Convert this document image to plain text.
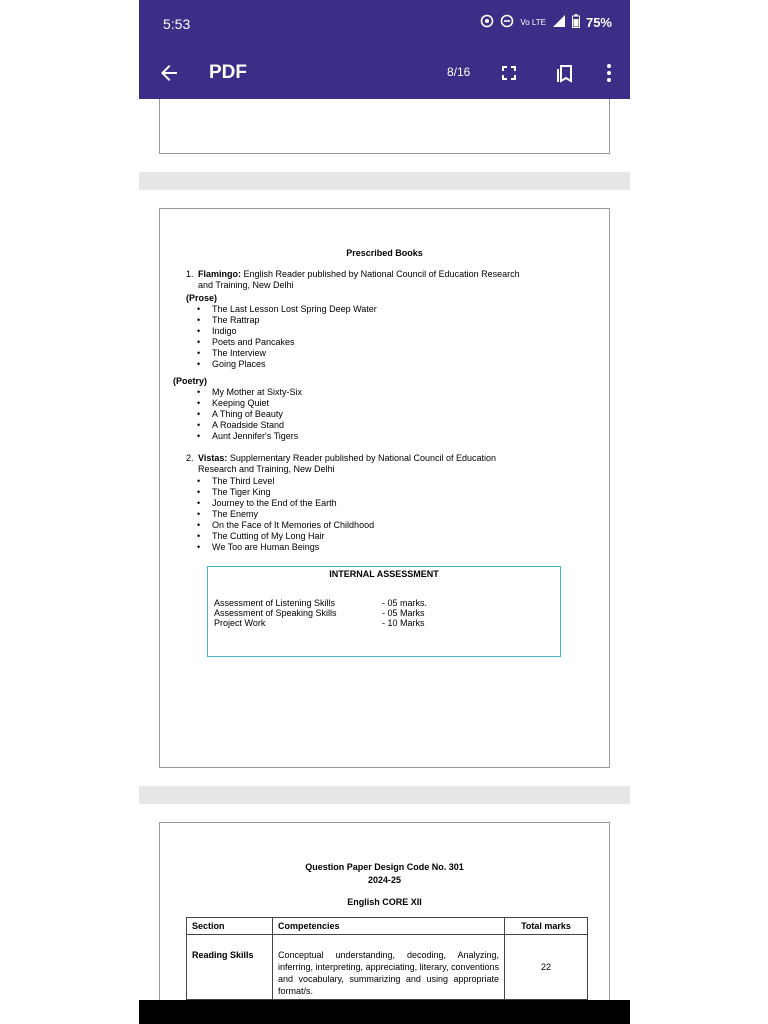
5:53	Vo LTE	75%
PDF	8/16
Prescribed Books
1. Flamingo: English Reader published by National Council of Education Research
and Training, New Delhi
(Prose)
• The Last Lesson Lost Spring Deep Water
• The Rattrap
• Indigo
• Poets and Pancakes
• The Interview
• Going Places
(Poetry)
• My Mother at Sixty-Six
• Keeping Quiet
• A Thing of Beauty
• A Roadside Stand
• Aunt Jennifer's Tigers
2. Vistas: Supplementary Reader published by National Council of Education
Research and Training, New Delhi
• The Third Level
• The Tiger King
• Journey to the End of the Earth
• The Enemy
• On the Face of It Memories of Childhood
• The Cutting of My Long Hair
• We Too are Human Beings
INTERNAL ASSESSMENT
Assessment of Listening Skills	- 05 marks.
Assessment of Speaking Skills	- 05 Marks
Project Work	- 10 Marks
Question Paper Design Code No. 301
2024-25
English CORE XII
Section	Competencies	Total marks
Reading Skills	Conceptual understanding, decoding, Analyzing, inferring, interpreting, appreciating, literary, conventions and vocabulary, summarizing and using appropriate format/s.	22
